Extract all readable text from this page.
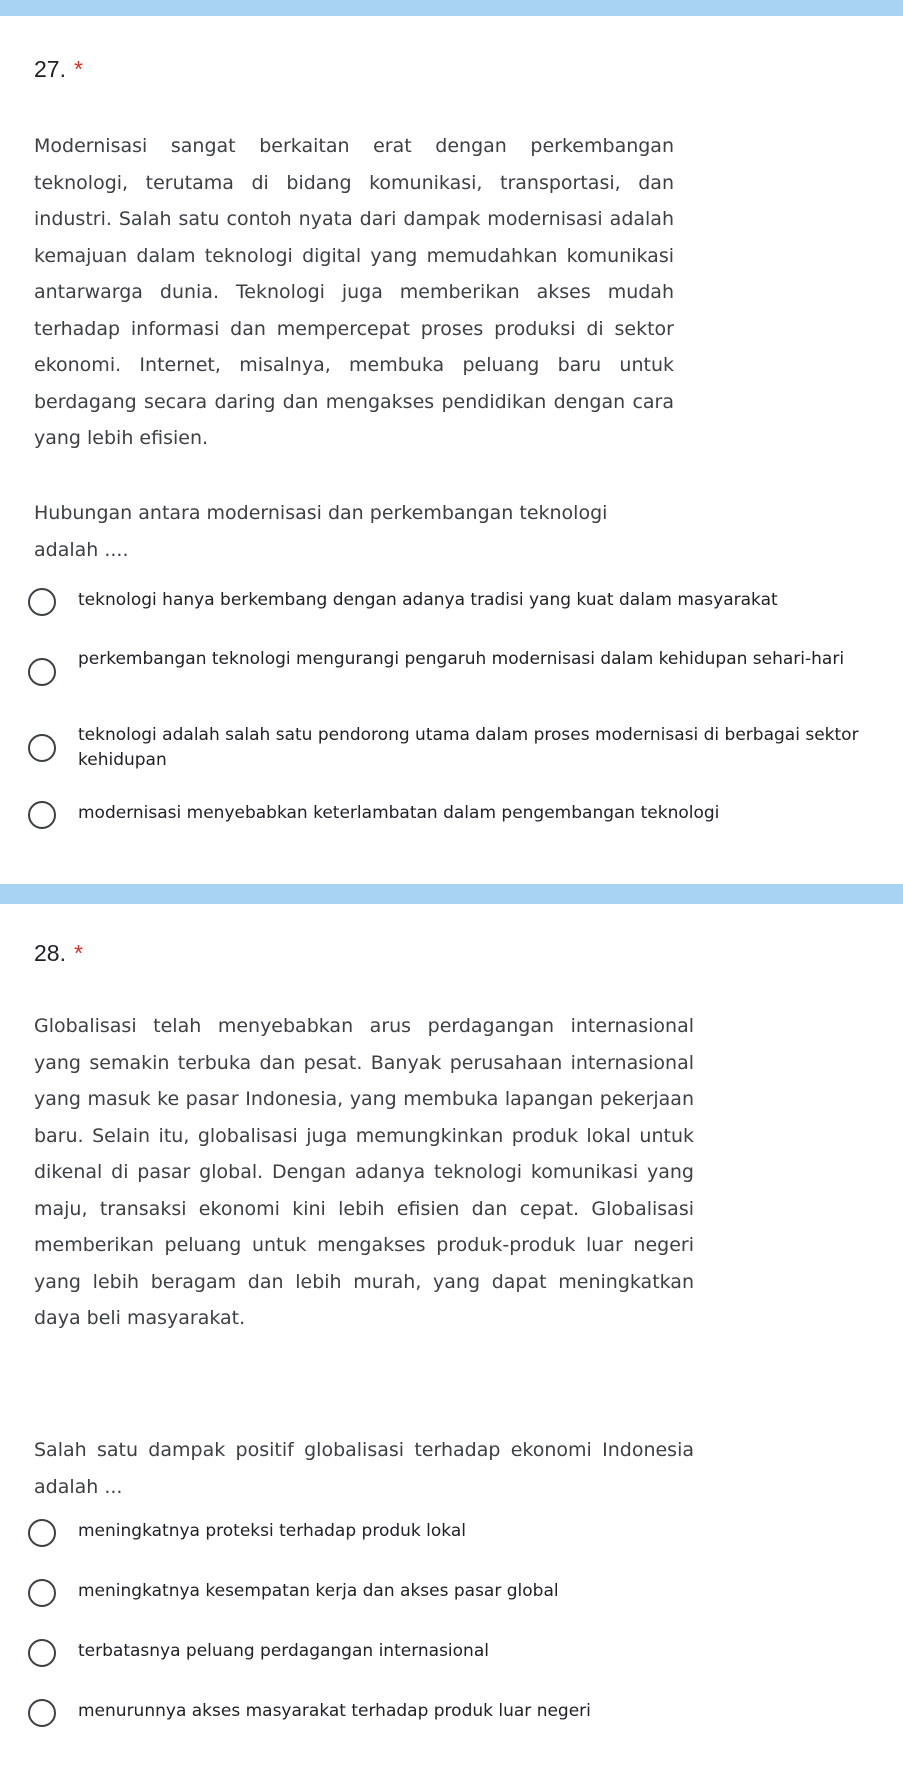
27. *
Modernisasi sangat berkaitan erat dengan perkembangan teknologi, terutama di bidang komunikasi, transportasi, dan industri. Salah satu contoh nyata dari dampak modernisasi adalah kemajuan dalam teknologi digital yang memudahkan komunikasi antarwarga dunia. Teknologi juga memberikan akses mudah terhadap informasi dan mempercepat proses produksi di sektor ekonomi. Internet, misalnya, membuka peluang baru untuk berdagang secara daring dan mengakses pendidikan dengan cara yang lebih efisien.
Hubungan antara modernisasi dan perkembangan teknologi adalah ....
teknologi hanya berkembang dengan adanya tradisi yang kuat dalam masyarakat
perkembangan teknologi mengurangi pengaruh modernisasi dalam kehidupan sehari-hari
teknologi adalah salah satu pendorong utama dalam proses modernisasi di berbagai sektor kehidupan
modernisasi menyebabkan keterlambatan dalam pengembangan teknologi
28. *
Globalisasi telah menyebabkan arus perdagangan internasional yang semakin terbuka dan pesat. Banyak perusahaan internasional yang masuk ke pasar Indonesia, yang membuka lapangan pekerjaan baru. Selain itu, globalisasi juga memungkinkan produk lokal untuk dikenal di pasar global. Dengan adanya teknologi komunikasi yang maju, transaksi ekonomi kini lebih efisien dan cepat. Globalisasi memberikan peluang untuk mengakses produk-produk luar negeri yang lebih beragam dan lebih murah, yang dapat meningkatkan daya beli masyarakat.
Salah satu dampak positif globalisasi terhadap ekonomi Indonesia adalah ...
meningkatnya proteksi terhadap produk lokal
meningkatnya kesempatan kerja dan akses pasar global
terbatasnya peluang perdagangan internasional
menurunnya akses masyarakat terhadap produk luar negeri
